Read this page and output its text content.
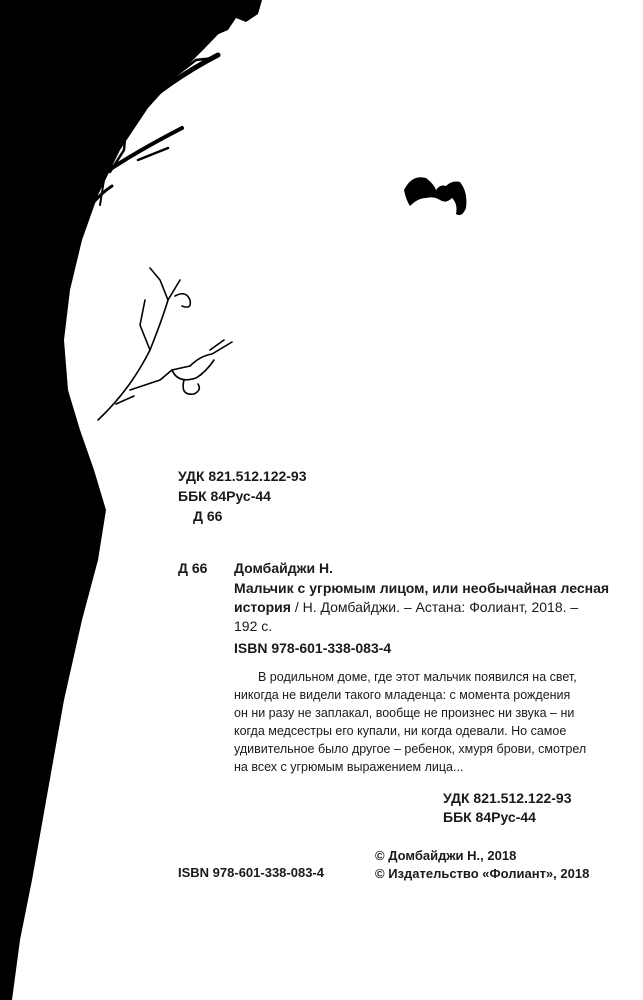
УДК 821.512.122-93
ББК 84Рус-44
Д 66
Д 66 Домбайджи Н.
Мальчик с угрюмым лицом, или необычайная лесная
история / Н. Домбайджи. – Астана: Фолиант, 2018. –
192 с.
ISBN 978-601-338-083-4
В родильном доме, где этот мальчик появился на свет,
никогда не видели такого младенца: с момента рождения
он ни разу не заплакал, вообще не произнес ни звука – ни
когда медсестры его купали, ни когда одевали. Но самое
удивительное было другое – ребенок, хмуря брови, смотрел
на всех с угрюмым выражением лица...
УДК 821.512.122-93
ББК 84Рус-44
ISBN 978-601-338-083-4
© Домбайджи Н., 2018
© Издательство «Фолиант», 2018
